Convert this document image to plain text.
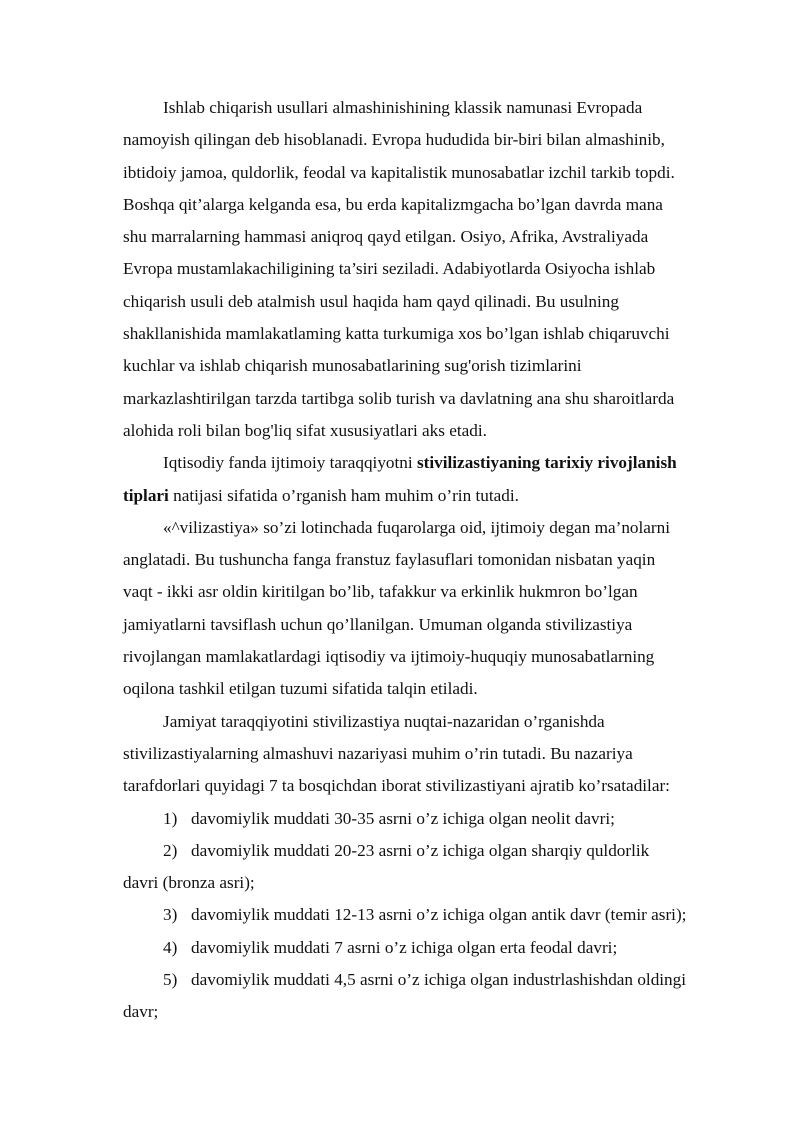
Ishlab chiqarish usullari almashinishining klassik namunasi Evropada
namoyish qilingan deb hisoblanadi. Evropa hududida bir-biri bilan almashinib,
ibtidoiy jamoa, quldorlik, feodal va kapitalistik munosabatlar izchil tarkib topdi.
Boshqa qit’alarga kelganda esa, bu erda kapitalizmgacha bo’lgan davrda mana
shu marralarning hammasi aniqroq qayd etilgan. Osiyo, Afrika, Avstraliyada
Evropa mustamlakachiligining ta’siri seziladi. Adabiyotlarda Osiyocha ishlab
chiqarish usuli deb atalmish usul haqida ham qayd qilinadi. Bu usulning
shakllanishida mamlakatlaming katta turkumiga xos bo’lgan ishlab chiqaruvchi
kuchlar va ishlab chiqarish munosabatlarining sug'orish tizimlarini
markazlashtirilgan tarzda tartibga solib turish va davlatning ana shu sharoitlarda
alohida roli bilan bog'liq sifat xususiyatlari aks etadi.
Iqtisodiy fanda ijtimoiy taraqqiyotni stivilizastiyaning tarixiy rivojlanish
tiplari natijasi sifatida o’rganish ham muhim o’rin tutadi.
«^vilizastiya» so’zi lotinchada fuqarolarga oid, ijtimoiy degan ma’nolarni
anglatadi. Bu tushuncha fanga franstuz faylasuflari tomonidan nisbatan yaqin
vaqt - ikki asr oldin kiritilgan bo’lib, tafakkur va erkinlik hukmron bo’lgan
jamiyatlarni tavsiflash uchun qo’llanilgan. Umuman olganda stivilizastiya
rivojlangan mamlakatlardagi iqtisodiy va ijtimoiy-huquqiy munosabatlarning
oqilona tashkil etilgan tuzumi sifatida talqin etiladi.
Jamiyat taraqqiyotini stivilizastiya nuqtai-nazaridan o’rganishda
stivilizastiyalarning almashuvi nazariyasi muhim o’rin tutadi. Bu nazariya
tarafdorlari quyidagi 7 ta bosqichdan iborat stivilizastiyani ajratib ko’rsatadilar:
1) davomiylik muddati 30-35 asrni o’z ichiga olgan neolit davri;
2) davomiylik muddati 20-23 asrni o’z ichiga olgan sharqiy quldorlik
davri (bronza asri);
3) davomiylik muddati 12-13 asrni o’z ichiga olgan antik davr (temir asri);
4) davomiylik muddati 7 asrni o’z ichiga olgan erta feodal davri;
5) davomiylik muddati 4,5 asrni o’z ichiga olgan industrlashishdan oldingi
davr;
